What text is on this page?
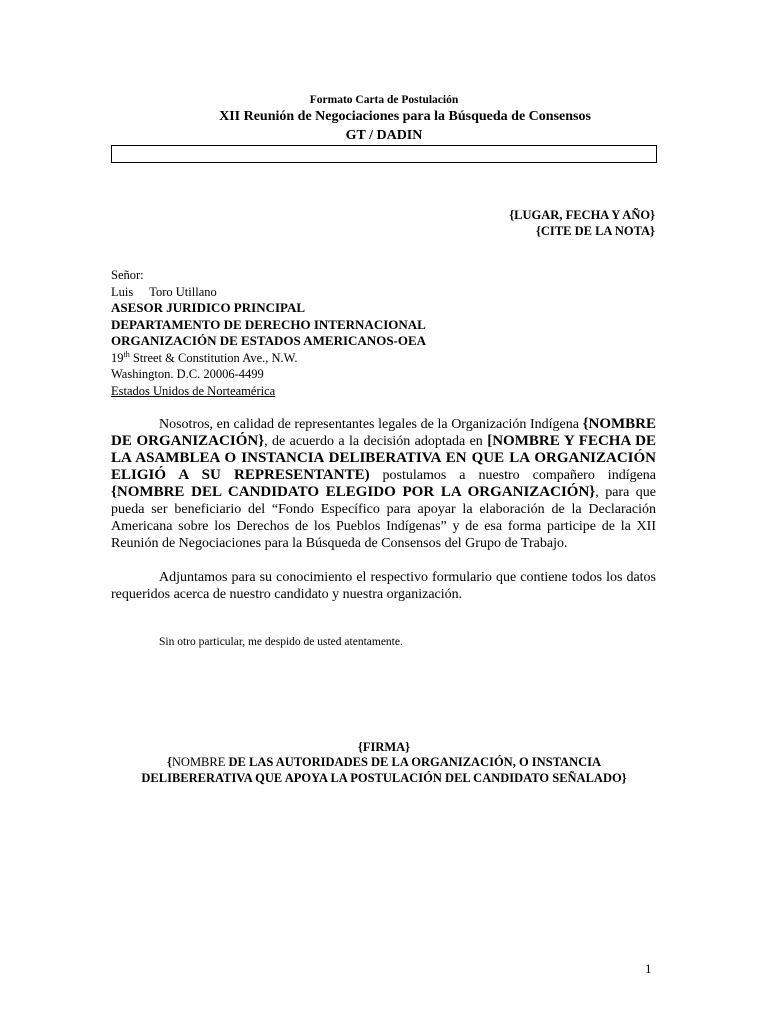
Formato Carta de Postulación
XII Reunión de Negociaciones para la Búsqueda de Consensos
GT / DADIN
{LUGAR, FECHA Y AÑO}
{CITE DE LA NOTA}
Señor:
Luis Toro Utillano
ASESOR JURIDICO PRINCIPAL
DEPARTAMENTO DE DERECHO INTERNACIONAL
ORGANIZACIÓN DE ESTADOS AMERICANOS-OEA
19th Street & Constitution Ave., N.W.
Washington. D.C. 20006-4499
Estados Unidos de Norteamérica
Nosotros, en calidad de representantes legales de la Organización Indígena {NOMBRE DE ORGANIZACIÓN}, de acuerdo a la decisión adoptada en [NOMBRE Y FECHA DE LA ASAMBLEA O INSTANCIA DELIBERATIVA EN QUE LA ORGANIZACIÓN ELIGIÓ A SU REPRESENTANTE) postulamos a nuestro compañero indígena {NOMBRE DEL CANDIDATO ELEGIDO POR LA ORGANIZACIÓN}, para que pueda ser beneficiario del “Fondo Específico para apoyar la elaboración de la Declaración Americana sobre los Derechos de los Pueblos Indígenas” y de esa forma participe de la XII Reunión de Negociaciones para la Búsqueda de Consensos del Grupo de Trabajo.
Adjuntamos para su conocimiento el respectivo formulario que contiene todos los datos requeridos acerca de nuestro candidato y nuestra organización.
Sin otro particular, me despido de usted atentamente.
{FIRMA}
{NOMBRE DE LAS AUTORIDADES DE LA ORGANIZACIÓN, O INSTANCIA
DELIBERERATIVA QUE APOYA LA POSTULACIÓN DEL CANDIDATO SEÑALADO}
1
